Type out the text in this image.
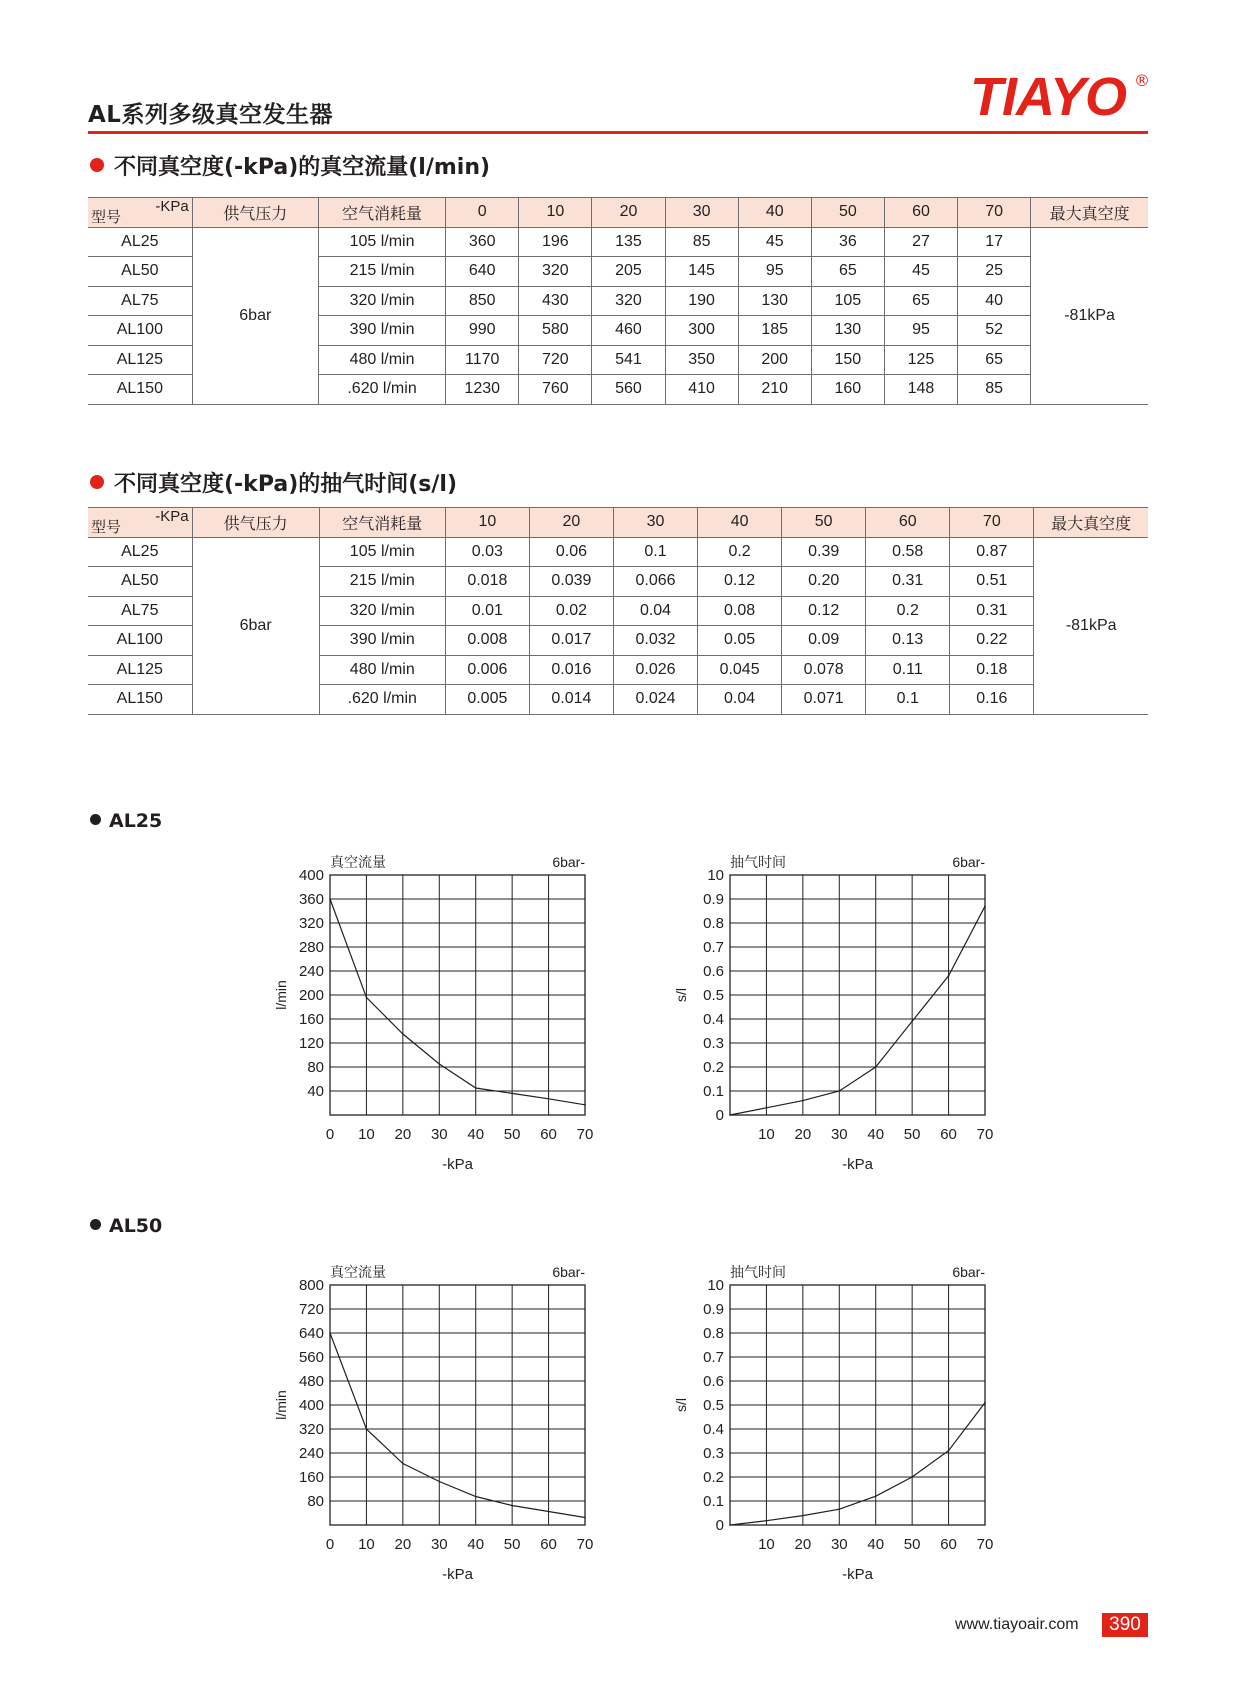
AL系列多级真空发生器	TIAYO ®
不同真空度(-kPa)的真空流量(l/min)
-KPa
型号	供气压力	空气消耗量	0	10	20	30	40	50	60	70	最大真空度
AL25	6bar	105 l/min	360	196	135	85	45	36	27	17	-81kPa
AL50		215 l/min	640	320	205	145	95	65	45	25	
AL75		320 l/min	850	430	320	190	130	105	65	40	
AL100		390 l/min	990	580	460	300	185	130	95	52	
AL125		480 l/min	1170	720	541	350	200	150	125	65	
AL150		.620 l/min	1230	760	560	410	210	160	148	85	
不同真空度(-kPa)的抽气时间(s/l)
-KPa
型号	供气压力	空气消耗量	10	20	30	40	50	60	70	最大真空度
AL25	6bar	105 l/min	0.03	0.06	0.1	0.2	0.39	0.58	0.87	-81kPa
AL50		215 l/min	0.018	0.039	0.066	0.12	0.20	0.31	0.51	
AL75		320 l/min	0.01	0.02	0.04	0.08	0.12	0.2	0.31	
AL100		390 l/min	0.008	0.017	0.032	0.05	0.09	0.13	0.22	
AL125		480 l/min	0.006	0.016	0.026	0.045	0.078	0.11	0.18	
AL150		.620 l/min	0.005	0.014	0.024	0.04	0.071	0.1	0.16	
AL25
AL50
400
360
320
280
240
200
160
120
80
40
0 10 20 30 40 50 60 70
真空流量	6bar-
-kPa
l/min
10
0.9
0.8
0.7
0.6
0.5
0.4
0.3
0.2
0.1
0
10 20 30 40 50 60 70
抽气时间	6bar-
-kPa
s/l
800
720
640
560
480
400
320
240
160
80
0 10 20 30 40 50 60 70
真空流量	6bar-
-kPa
l/min
10
0.9
0.8
0.7
0.6
0.5
0.4
0.3
0.2
0.1
0
10 20 30 40 50 60 70
抽气时间	6bar-
-kPa
s/l
www.tiayoair.com	390
